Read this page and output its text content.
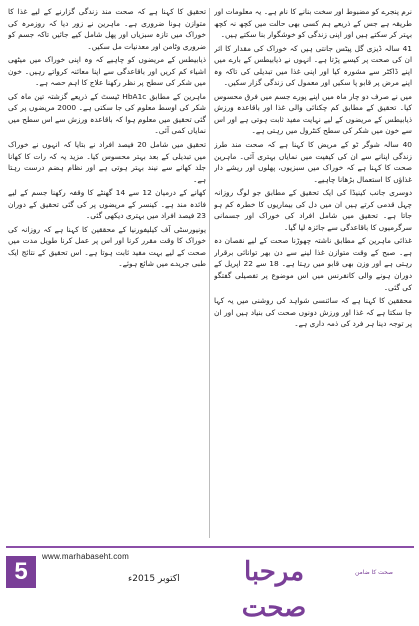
نرم پنجرے کو مضبوط اور سخت بنانے کا نام ہے۔ یہ معلومات اور طریقہ ہے جس کے ذریعے ہم کسی بھی حالت میں کچھ نہ کچھ بہتر کر سکتے ہیں اور اپنی زندگی کو خوشگوار بنا سکتے ہیں۔

41 سالہ ڈیزی گل پیٹس جانتی ہیں کہ خوراک کی مقدار کا اثر ان کی صحت پر کیسے پڑتا ہے۔ انہوں نے ذیابیطس کے بارے میں اپنے ڈاکٹر سے مشورہ کیا اور اپنی غذا میں تبدیلی کی تاکہ وہ اپنے مرض پر قابو پا سکیں اور معمول کی زندگی گزار سکیں۔

میں نے صرف دو چار ماہ میں اپنے پورے جسم میں فرق محسوس کیا۔ تحقیق کے مطابق کم چکنائی والی غذا اور باقاعدہ ورزش ذیابیطس کے مریضوں کے لیے نہایت مفید ثابت ہوتی ہے اور اس سے خون میں شکر کی سطح کنٹرول میں رہتی ہے۔

40 سالہ شوگر ٹو کے مریض کا کہنا ہے کہ صحت مند طرز زندگی اپنانے سے ان کی کیفیت میں نمایاں بہتری آئی۔ ماہرین صحت کا کہنا ہے کہ خوراک میں سبزیوں، پھلوں اور ریشے دار غذاؤں کا استعمال بڑھانا چاہیے۔

دوسری جانب کینیڈا کی ایک تحقیق کے مطابق جو لوگ روزانہ چہل قدمی کرتے ہیں ان میں دل کی بیماریوں کا خطرہ کم ہو جاتا ہے۔ تحقیق میں شامل افراد کی خوراک اور جسمانی سرگرمیوں کا باقاعدگی سے جائزہ لیا گیا۔

غذائی ماہرین کے مطابق ناشتہ چھوڑنا صحت کے لیے نقصان دہ ہے۔ صبح کے وقت متوازن غذا لینے سے دن بھر توانائی برقرار رہتی ہے اور وزن بھی قابو میں رہتا ہے۔ 18 سے 22 اپریل کے دوران ہونے والی کانفرنس میں اس موضوع پر تفصیلی گفتگو کی گئی۔

محققین کا کہنا ہے کہ سائنسی شواہد کی روشنی میں یہ کہا جا سکتا ہے کہ غذا اور ورزش دونوں صحت کی بنیاد ہیں اور ان پر توجہ دینا ہر فرد کی ذمہ داری ہے۔

تحقیق کا کہنا ہے کہ صحت مند زندگی گزارنے کے لیے غذا کا متوازن ہونا ضروری ہے۔ ماہرین نے زور دیا کہ روزمرہ کی خوراک میں تازہ سبزیاں اور پھل شامل کیے جائیں تاکہ جسم کو ضروری وٹامن اور معدنیات مل سکیں۔

ذیابیطس کے مریضوں کو چاہیے کہ وہ اپنی خوراک میں میٹھی اشیاء کم کریں اور باقاعدگی سے اپنا معائنہ کرواتے رہیں۔ خون میں شکر کی سطح پر نظر رکھنا علاج کا اہم حصہ ہے۔

ماہرین کے مطابق HbA1c ٹیسٹ کے ذریعے گزشتہ تین ماہ کی شکر کی اوسط معلوم کی جا سکتی ہے۔ 2000 مریضوں پر کی گئی تحقیق میں معلوم ہوا کہ باقاعدہ ورزش سے اس سطح میں نمایاں کمی آئی۔

تحقیق میں شامل 20 فیصد افراد نے بتایا کہ انہوں نے خوراک میں تبدیلی کے بعد بہتر محسوس کیا۔ مزید یہ کہ رات کا کھانا جلد کھانے سے نیند بہتر ہوتی ہے اور نظام ہضم درست رہتا ہے۔

کھانے کے درمیان 12 سے 14 گھنٹے کا وقفہ رکھنا جسم کے لیے فائدہ مند ہے۔ کینسر کے مریضوں پر کی گئی تحقیق کے دوران 23 فیصد افراد میں بہتری دیکھی گئی۔

یونیورسٹی آف کیلیفورنیا کے محققین کا کہنا ہے کہ روزانہ کی خوراک کا وقت مقرر کرنا اور اس پر عمل کرنا طویل مدت میں صحت کے لیے بہت مفید ثابت ہوتا ہے۔ اس تحقیق کے نتائج ایک طبی جریدے میں شائع ہوئے۔

5
www.marhabaseht.com
اکتوبر 2015ء	مرحبا صحت
صحت کا ضامن
